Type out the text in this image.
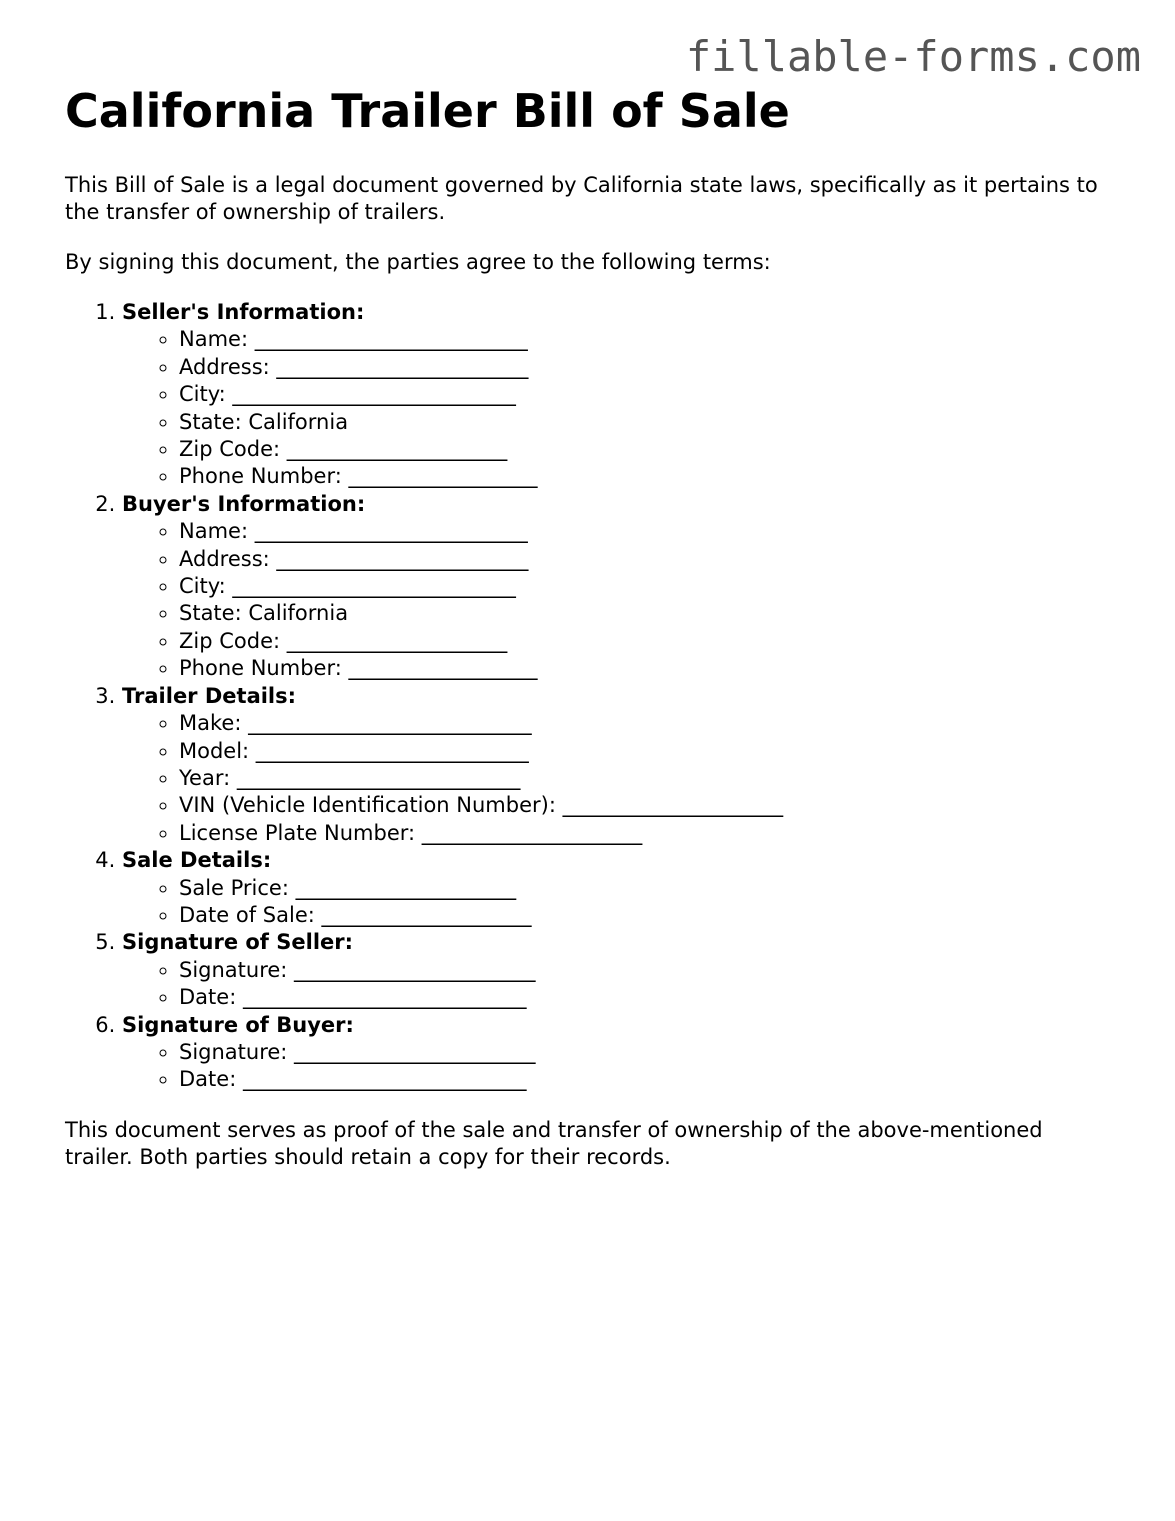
fillable-forms.com
California Trailer Bill of Sale

This Bill of Sale is a legal document governed by California state laws, specifically as it pertains to the transfer of ownership of trailers.

By signing this document, the parties agree to the following terms:

1. Seller's Information:
◦ Name: __________________________
◦ Address: ________________________
◦ City: ___________________________
◦ State: California
◦ Zip Code: _____________________
◦ Phone Number: __________________
2. Buyer's Information:
◦ Name: __________________________
◦ Address: ________________________
◦ City: ___________________________
◦ State: California
◦ Zip Code: _____________________
◦ Phone Number: __________________
3. Trailer Details:
◦ Make: ___________________________
◦ Model: __________________________
◦ Year: ___________________________
◦ VIN (Vehicle Identification Number): _____________________
◦ License Plate Number: _____________________
4. Sale Details:
◦ Sale Price: _____________________
◦ Date of Sale: ____________________
5. Signature of Seller:
◦ Signature: _______________________
◦ Date: ___________________________
6. Signature of Buyer:
◦ Signature: _______________________
◦ Date: ___________________________

This document serves as proof of the sale and transfer of ownership of the above-mentioned trailer. Both parties should retain a copy for their records.
